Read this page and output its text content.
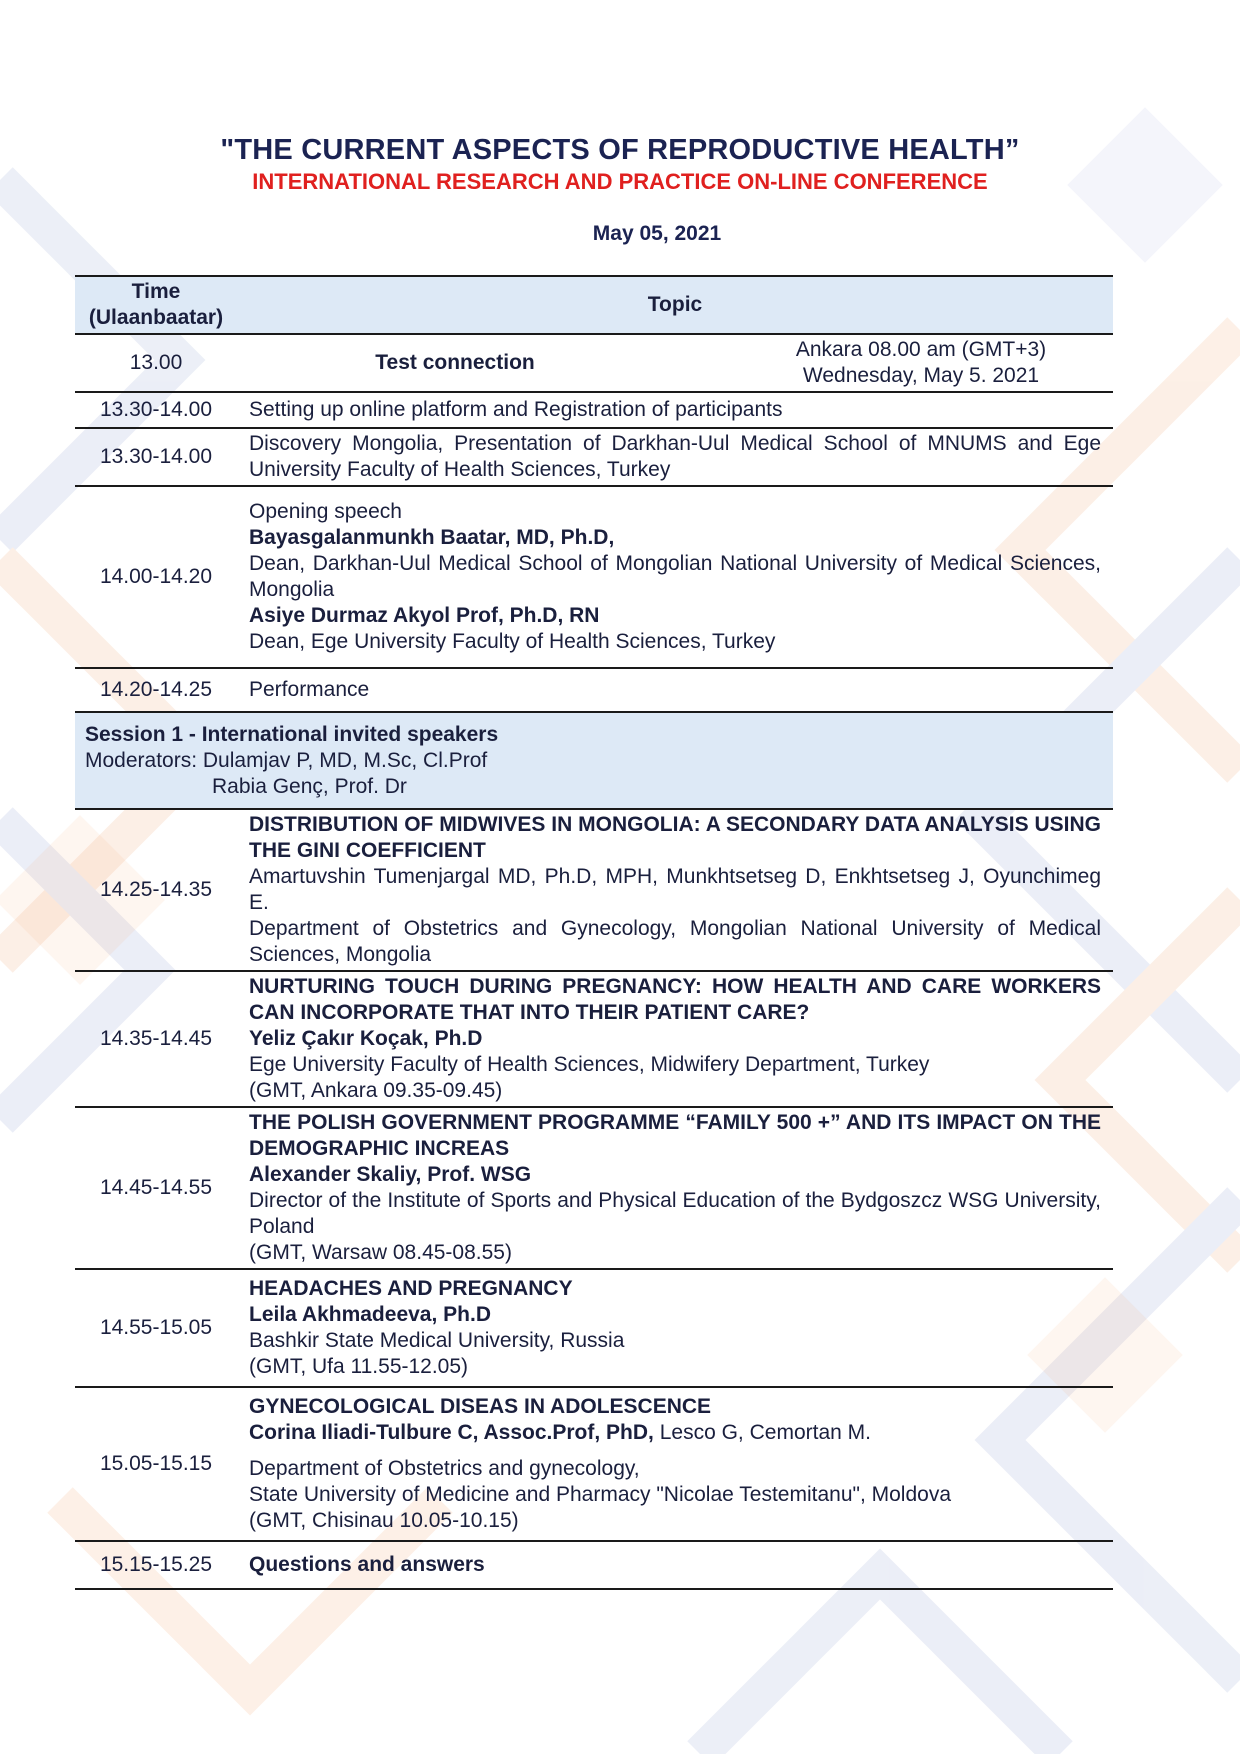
"THE CURRENT ASPECTS OF REPRODUCTIVE HEALTH”
INTERNATIONAL RESEARCH AND PRACTICE ON-LINE CONFERENCE
May 05, 2021
Time
(Ulaanbaatar)	Topic
13.00	Test connection
Ankara 08.00 am (GMT+3)
Wednesday, May 5. 2021

13.30-14.00	Setting up online platform and Registration of participants
13.30-14.00	Discovery Mongolia, Presentation of Darkhan-Uul Medical School of MNUMS and Ege University Faculty of Health Sciences, Turkey
14.00-14.20	Opening speech
Bayasgalanmunkh Baatar, MD, Ph.D,
Dean, Darkhan-Uul Medical School of Mongolian National University of Medical Sciences, Mongolia
Asiye Durmaz Akyol Prof, Ph.D, RN
Dean, Ege University Faculty of Health Sciences, Turkey

14.20-14.25	Performance

Session 1 - International invited speakers
Moderators: Dulamjav P, MD, M.Sc, Cl.Prof
Rabia Genç, Prof. Dr	

14.25-14.35	DISTRIBUTION OF MIDWIVES IN MONGOLIA: A SECONDARY DATA ANALYSIS USING THE GINI COEFFICIENT
Amartuvshin Tumenjargal MD, Ph.D, MPH, Munkhtsetseg D, Enkhtsetseg J, Oyunchimeg E.
Department of Obstetrics and Gynecology, Mongolian National University of Medical Sciences, Mongolia

14.35-14.45	NURTURING TOUCH DURING PREGNANCY: HOW HEALTH AND CARE WORKERS CAN INCORPORATE THAT INTO THEIR PATIENT CARE?
Yeliz Çakır Koçak, Ph.D
Ege University Faculty of Health Sciences, Midwifery Department, Turkey
(GMT, Ankara 09.35-09.45)

14.45-14.55	THE POLISH GOVERNMENT PROGRAMME “FAMILY 500 +” AND ITS IMPACT ON THE DEMOGRAPHIC INCREAS
Alexander Skaliy, Prof. WSG
Director of the Institute of Sports and Physical Education of the Bydgoszcz WSG University, Poland
(GMT, Warsaw 08.45-08.55)

14.55-15.05	HEADACHES AND PREGNANCY
Leila Akhmadeeva, Ph.D
Bashkir State Medical University, Russia
(GMT, Ufa 11.55-12.05)

15.05-15.15	GYNECOLOGICAL DISEAS IN ADOLESCENCE
Corina Iliadi-Tulbure C, Assoc.Prof, PhD, Lesco G, Cemortan M.
Department of Obstetrics and gynecology,
State University of Medicine and Pharmacy "Nicolae Testemitanu", Moldova
(GMT, Chisinau 10.05-10.15)

15.15-15.25	Questions and answers
